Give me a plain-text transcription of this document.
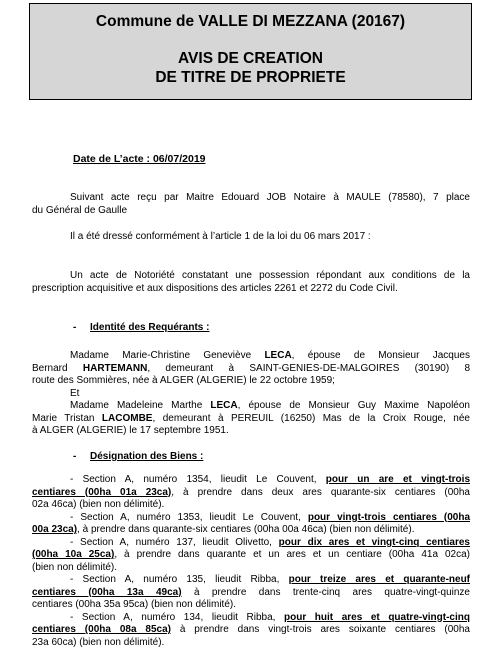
Commune de VALLE DI MEZZANA (20167)
AVIS DE CREATION
DE TITRE DE PROPRIETE
Date de L’acte : 06/07/2019
Suivant acte reçu par Maitre Edouard JOB Notaire à MAULE (78580), 7 place
du Général de Gaulle
Il a été dressé conformément à l’article 1 de la loi du 06 mars 2017 :
Un acte de Notoriété constatant une possession répondant aux conditions de la
prescription acquisitive et aux dispositions des articles 2261 et 2272 du Code Civil.
- Identité des Requérants :
Madame Marie-Christine Geneviève LECA, épouse de Monsieur Jacques
Bernard HARTEMANN, demeurant à SAINT-GENIES-DE-MALGOIRES (30190) 8
route des Sommières, née à ALGER (ALGERIE) le 22 octobre 1959;
Et
Madame Madeleine Marthe LECA, épouse de Monsieur Guy Maxime Napoléon
Marie Tristan LACOMBE, demeurant à PEREUIL (16250) Mas de la Croix Rouge, née
à ALGER (ALGERIE) le 17 septembre 1951.
- Désignation des Biens :
- Section A, numéro 1354, lieudit Le Couvent, pour un are et vingt-trois
centiares (00ha 01a 23ca), à prendre dans deux ares quarante-six centiares (00ha
02a 46ca) (bien non délimité).
- Section A, numéro 1353, lieudit Le Couvent, pour vingt-trois centiares (00ha
00a 23ca), à prendre dans quarante-six centiares (00ha 00a 46ca) (bien non délimité).
- Section A, numéro 137, lieudit Olivetto, pour dix ares et vingt-cinq centiares
(00ha 10a 25ca), à prendre dans quarante et un ares et un centiare (00ha 41a 02ca)
(bien non délimité).
- Section A, numéro 135, lieudit Ribba, pour treize ares et quarante-neuf
centiares (00ha 13a 49ca) à prendre dans trente-cinq ares quatre-vingt-quinze
centiares (00ha 35a 95ca) (bien non délimité).
- Section A, numéro 134, lieudit Ribba, pour huit ares et quatre-vingt-cinq
centiares (00ha 08a 85ca) à prendre dans vingt-trois ares soixante centiares (00ha
23a 60ca) (bien non délimité).
